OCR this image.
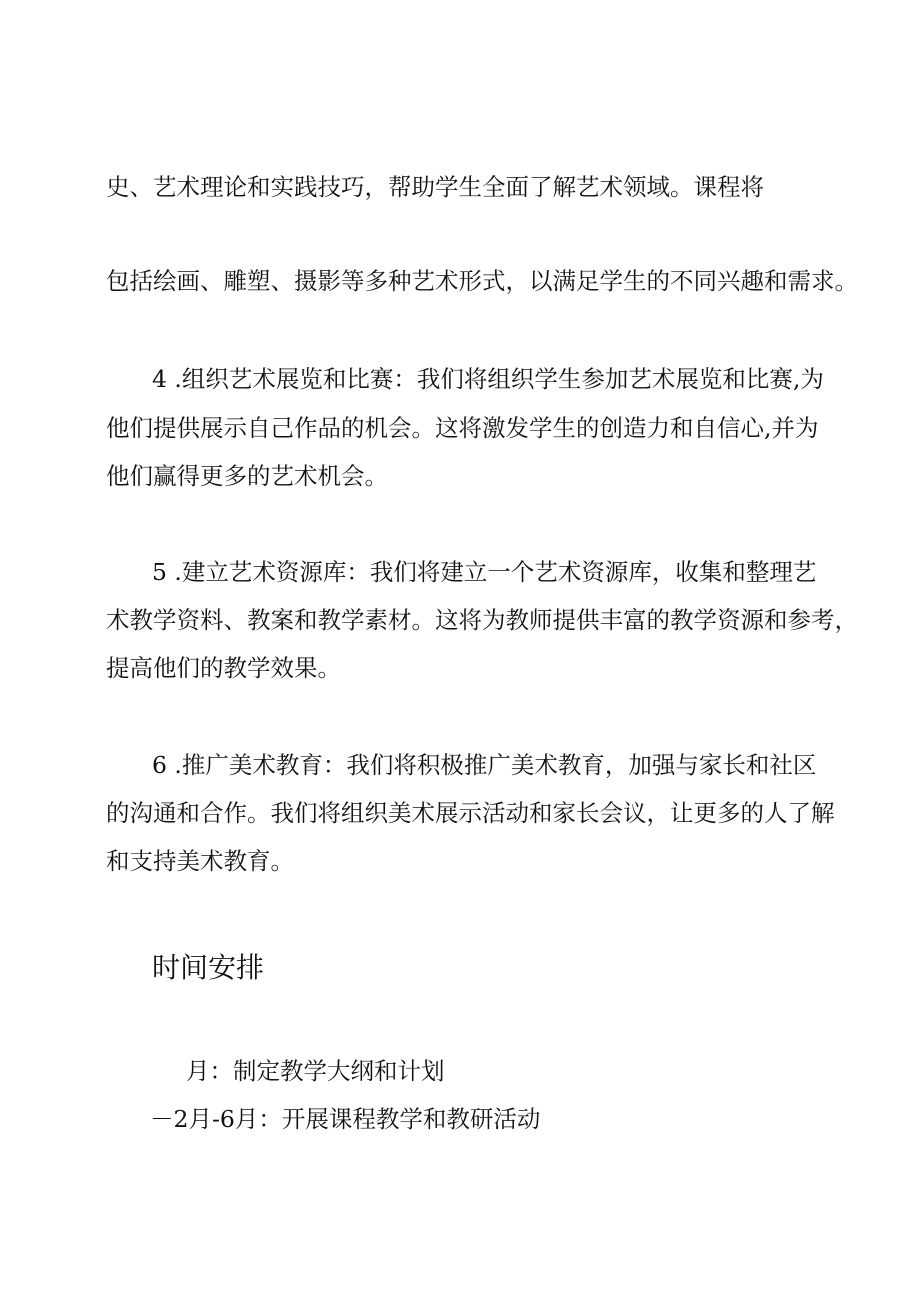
史、艺术理论和实践技巧，帮助学生全面了解艺术领域。课程将
包括绘画、雕塑、摄影等多种艺术形式，以满足学生的不同兴趣和需求。
4 .组织艺术展览和比赛：我们将组织学生参加艺术展览和比赛,为
他们提供展示自己作品的机会。这将激发学生的创造力和自信心,并为
他们赢得更多的艺术机会。
5 .建立艺术资源库：我们将建立一个艺术资源库，收集和整理艺
术教学资料、教案和教学素材。这将为教师提供丰富的教学资源和参考，
提高他们的教学效果。
6 .推广美术教育：我们将积极推广美术教育，加强与家长和社区
的沟通和合作。我们将组织美术展示活动和家长会议，让更多的人了解
和支持美术教育。
时间安排
月：制定教学大纲和计划
－2月-6月：开展课程教学和教研活动
